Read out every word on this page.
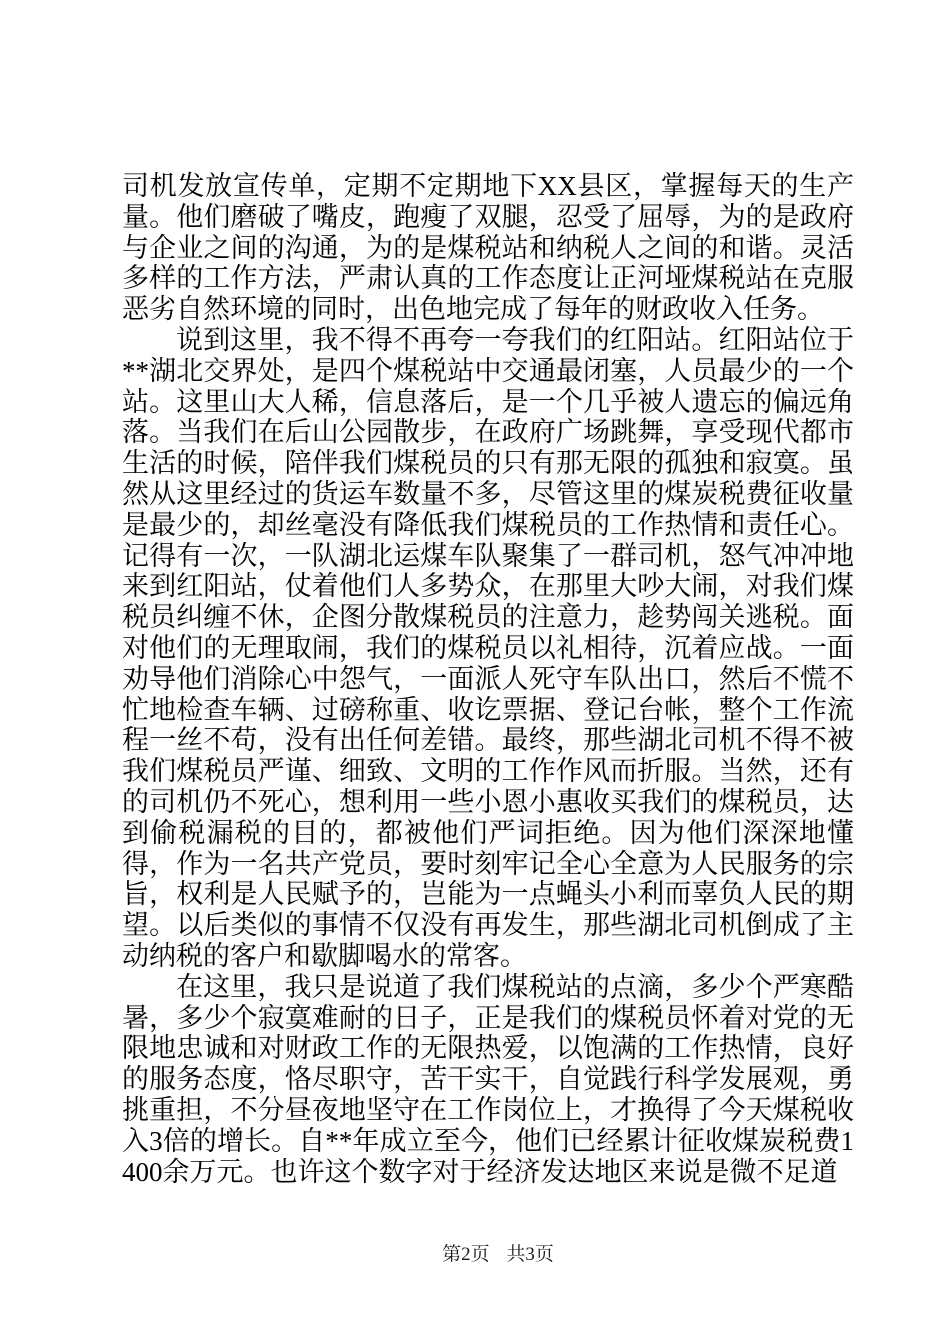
司机发放宣传单，定期不定期地下XX县区，掌握每天的生产量。他们磨破了嘴皮，跑瘦了双腿，忍受了屈辱，为的是政府与企业之间的沟通，为的是煤税站和纳税人之间的和谐。灵活多样的工作方法，严肃认真的工作态度让正河垭煤税站在克服恶劣自然环境的同时，出色地完成了每年的财政收入任务。

说到这里，我不得不再夸一夸我们的红阳站。红阳站位于**湖北交界处，是四个煤税站中交通最闭塞，人员最少的一个站。这里山大人稀，信息落后，是一个几乎被人遗忘的偏远角落。当我们在后山公园散步，在政府广场跳舞，享受现代都市生活的时候，陪伴我们煤税员的只有那无限的孤独和寂寞。虽然从这里经过的货运车数量不多，尽管这里的煤炭税费征收量是最少的，却丝毫没有降低我们煤税员的工作热情和责任心。记得有一次，一队湖北运煤车队聚集了一群司机，怒气冲冲地来到红阳站，仗着他们人多势众，在那里大吵大闹，对我们煤税员纠缠不休，企图分散煤税员的注意力，趁势闯关逃税。面对他们的无理取闹，我们的煤税员以礼相待，沉着应战。一面劝导他们消除心中怨气，一面派人死守车队出口，然后不慌不忙地检查车辆、过磅称重、收讫票据、登记台帐，整个工作流程一丝不苟，没有出任何差错。最终，那些湖北司机不得不被我们煤税员严谨、细致、文明的工作作风而折服。当然，还有的司机仍不死心，想利用一些小恩小惠收买我们的煤税员，达到偷税漏税的目的，都被他们严词拒绝。因为他们深深地懂得，作为一名共产党员，要时刻牢记全心全意为人民服务的宗旨，权利是人民赋予的，岂能为一点蝇头小利而辜负人民的期望。以后类似的事情不仅没有再发生，那些湖北司机倒成了主动纳税的客户和歇脚喝水的常客。

在这里，我只是说道了我们煤税站的点滴，多少个严寒酷暑，多少个寂寞难耐的日子，正是我们的煤税员怀着对党的无限地忠诚和对财政工作的无限热爱，以饱满的工作热情，良好的服务态度，恪尽职守，苦干实干，自觉践行科学发展观，勇挑重担，不分昼夜地坚守在工作岗位上，才换得了今天煤税收入3倍的增长。自**年成立至今，他们已经累计征收煤炭税费1400余万元。也许这个数字对于经济发达地区来说是微不足道

第2页 共3页
